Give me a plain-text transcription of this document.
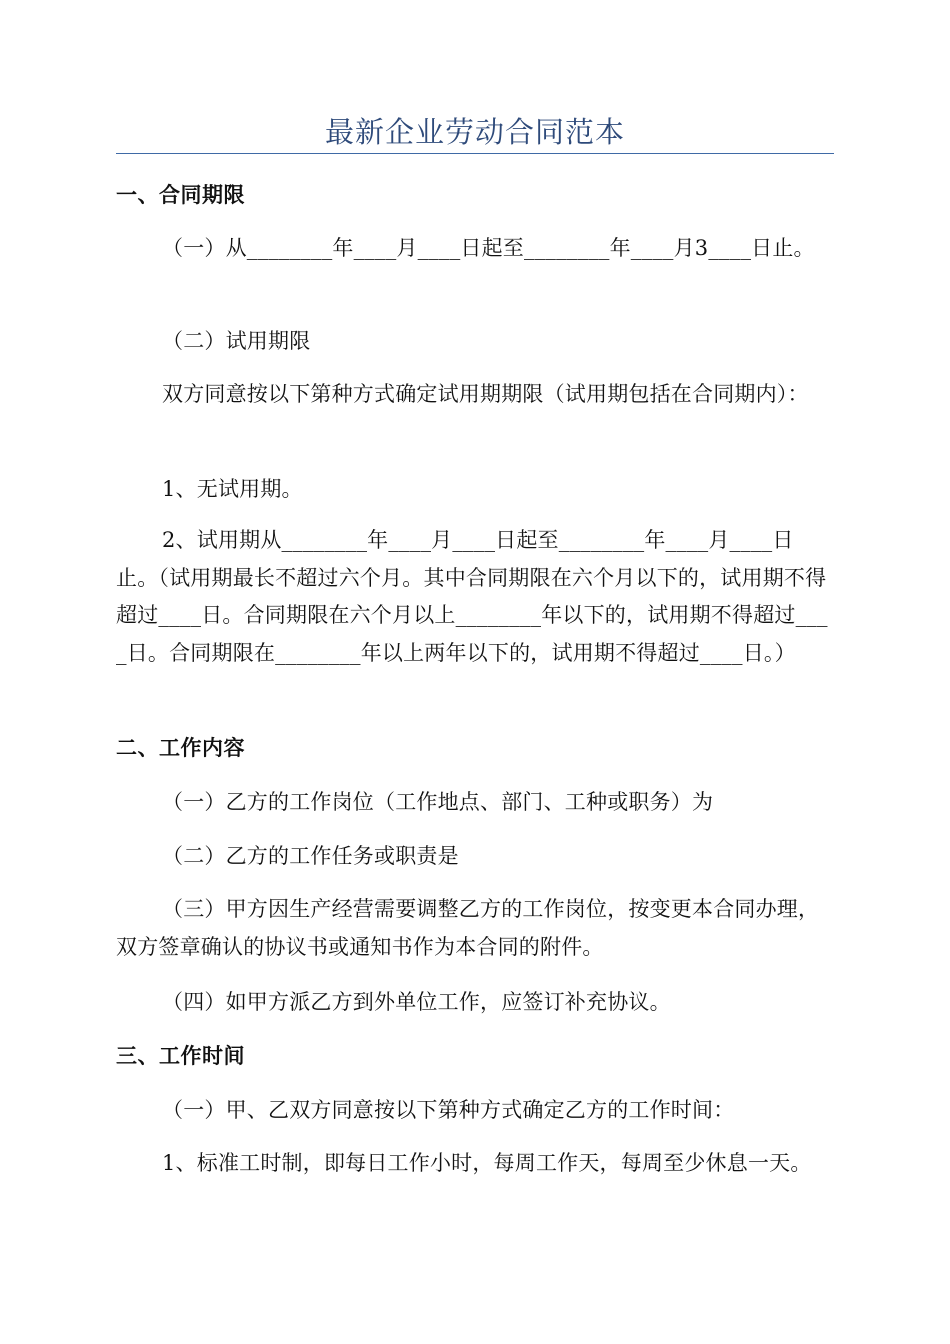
最新企业劳动合同范本
一、合同期限
（一）从________年____月____日起至________年____月3____日止。
（二）试用期限
双方同意按以下第种方式确定试用期期限（试用期包括在合同期内）：
1、无试用期。
2、试用期从________年____月____日起至________年____月____日止。（试用期最长不超过六个月。其中合同期限在六个月以下的，试用期不得超过____日。合同期限在六个月以上________年以下的，试用期不得超过____日。合同期限在________年以上两年以下的，试用期不得超过____日。）
二、工作内容
（一）乙方的工作岗位（工作地点、部门、工种或职务）为
（二）乙方的工作任务或职责是
（三）甲方因生产经营需要调整乙方的工作岗位，按变更本合同办理，双方签章确认的协议书或通知书作为本合同的附件。
（四）如甲方派乙方到外单位工作，应签订补充协议。
三、工作时间
（一）甲、乙双方同意按以下第种方式确定乙方的工作时间：
1、标准工时制，即每日工作小时，每周工作天，每周至少休息一天。
